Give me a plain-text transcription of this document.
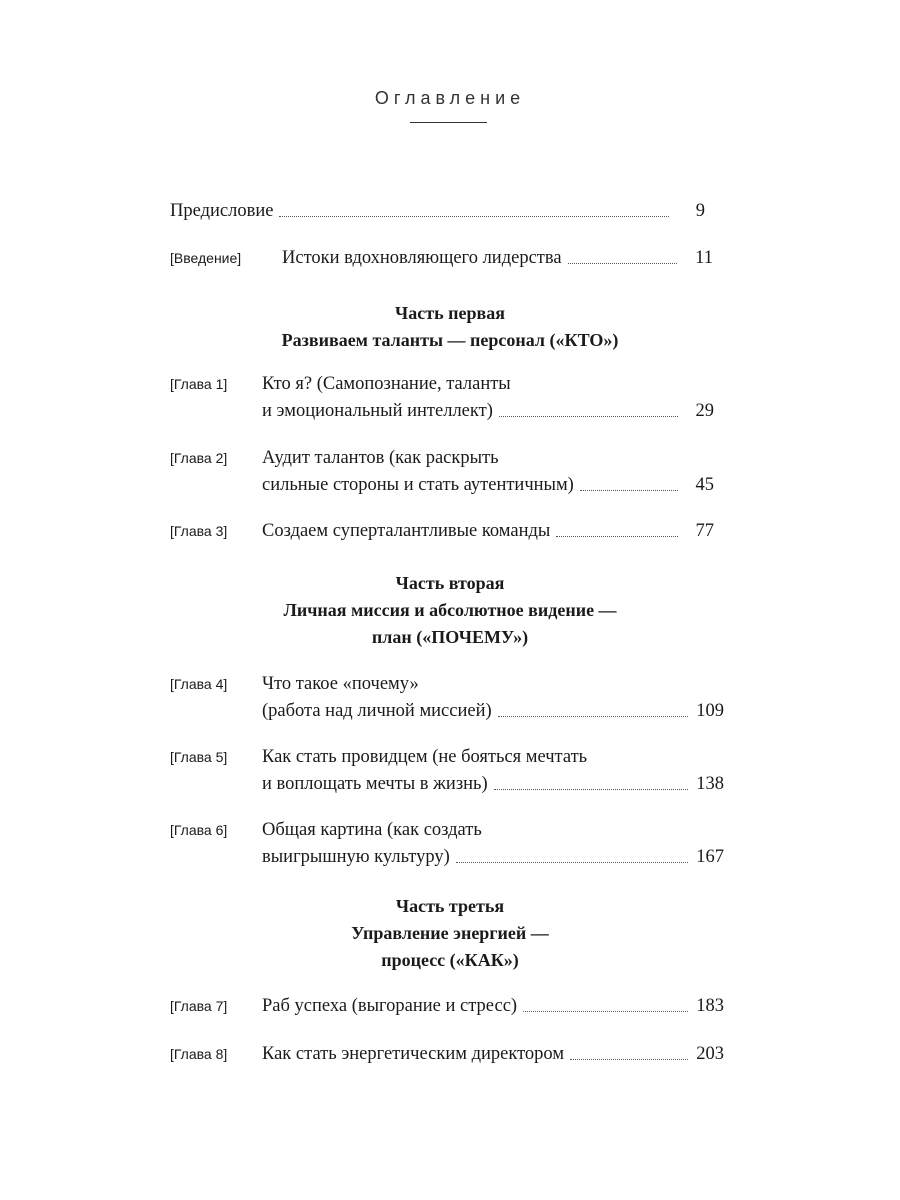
Оглавление
Предисловие	9
[Введение] Истоки вдохновляющего лидерства	11
Часть первая
Развиваем таланты — персонал («КТО»)
[Глава 1] Кто я? (Самопознание, таланты
и эмоциональный интеллект)	29
[Глава 2] Аудит талантов (как раскрыть
сильные стороны и стать аутентичным)	45
[Глава 3] Создаем суперталантливые команды	77
Часть вторая
Личная миссия и абсолютное видение —
план («ПОЧЕМУ»)
[Глава 4] Что такое «почему»
(работа над личной миссией)	109
[Глава 5] Как стать провидцем (не бояться мечтать
и воплощать мечты в жизнь)	138
[Глава 6] Общая картина (как создать
выигрышную культуру)	167
Часть третья
Управление энергией —
процесс («КАК»)
[Глава 7] Раб успеха (выгорание и стресс)	183
[Глава 8] Как стать энергетическим директором	203
